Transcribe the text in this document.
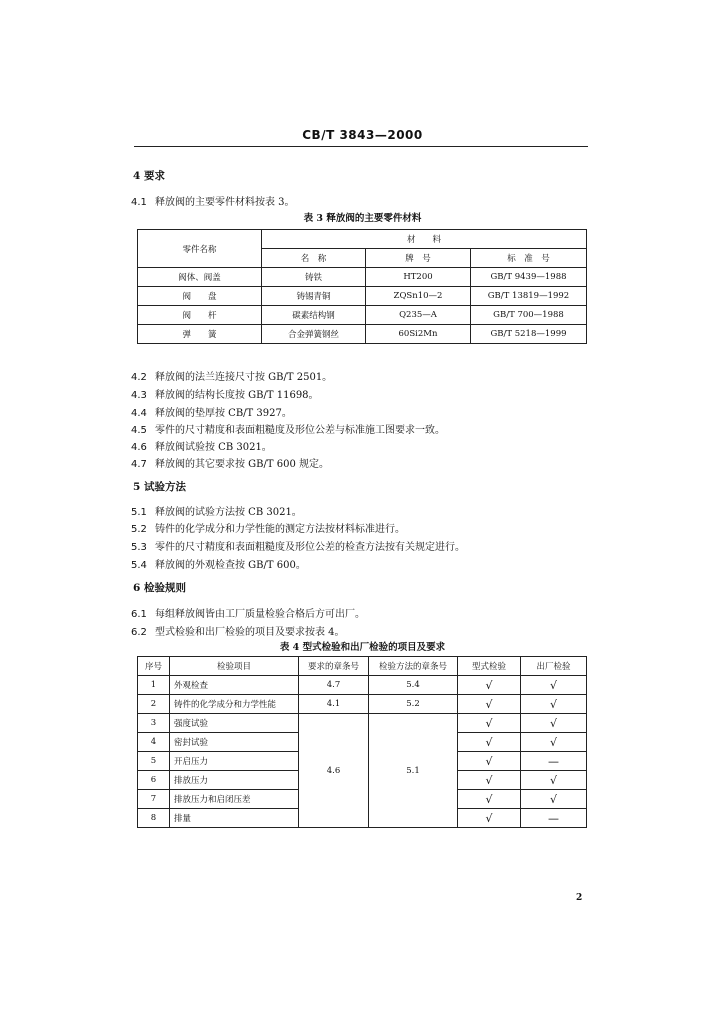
CB/T 3843—2000
4 要求
4.1 释放阀的主要零件材料按表 3。
表 3 释放阀的主要零件材料
零件名称	材　　料		
	名　称	牌　号	标　准　号
阀体、阀盖	铸铁	HT200	GB/T 9439—1988
阀　　盘	铸锡青铜	ZQSn10—2	GB/T 13819—1992
阀　　杆	碳素结构钢	Q235—A	GB/T 700—1988
弹　　簧	合金弹簧钢丝	60Si2Mn	GB/T 5218—1999
4.2 释放阀的法兰连接尺寸按 GB/T 2501。
4.3 释放阀的结构长度按 GB/T 11698。
4.4 释放阀的垫厚按 CB/T 3927。
4.5 零件的尺寸精度和表面粗糙度及形位公差与标准施工图要求一致。
4.6 释放阀试验按 CB 3021。
4.7 释放阀的其它要求按 GB/T 600 规定。
5 试验方法
5.1 释放阀的试验方法按 CB 3021。
5.2 铸件的化学成分和力学性能的测定方法按材料标准进行。
5.3 零件的尺寸精度和表面粗糙度及形位公差的检查方法按有关规定进行。
5.4 释放阀的外观检查按 GB/T 600。
6 检验规则
6.1 每组释放阀皆由工厂质量检验合格后方可出厂。
6.2 型式检验和出厂检验的项目及要求按表 4。
表 4 型式检验和出厂检验的项目及要求
序号	检验项目	要求的章条号	检验方法的章条号	型式检验	出厂检验
1	外观检查	4.7	5.4	√	√
2	铸件的化学成分和力学性能	4.1	5.2	√	√
3	强度试验	4.6	5.1	√	√
4	密封试验			√	√
5	开启压力			√	—
6	排放压力			√	√
7	排放压力和启闭压差			√	√
8	排量			√	—
2
